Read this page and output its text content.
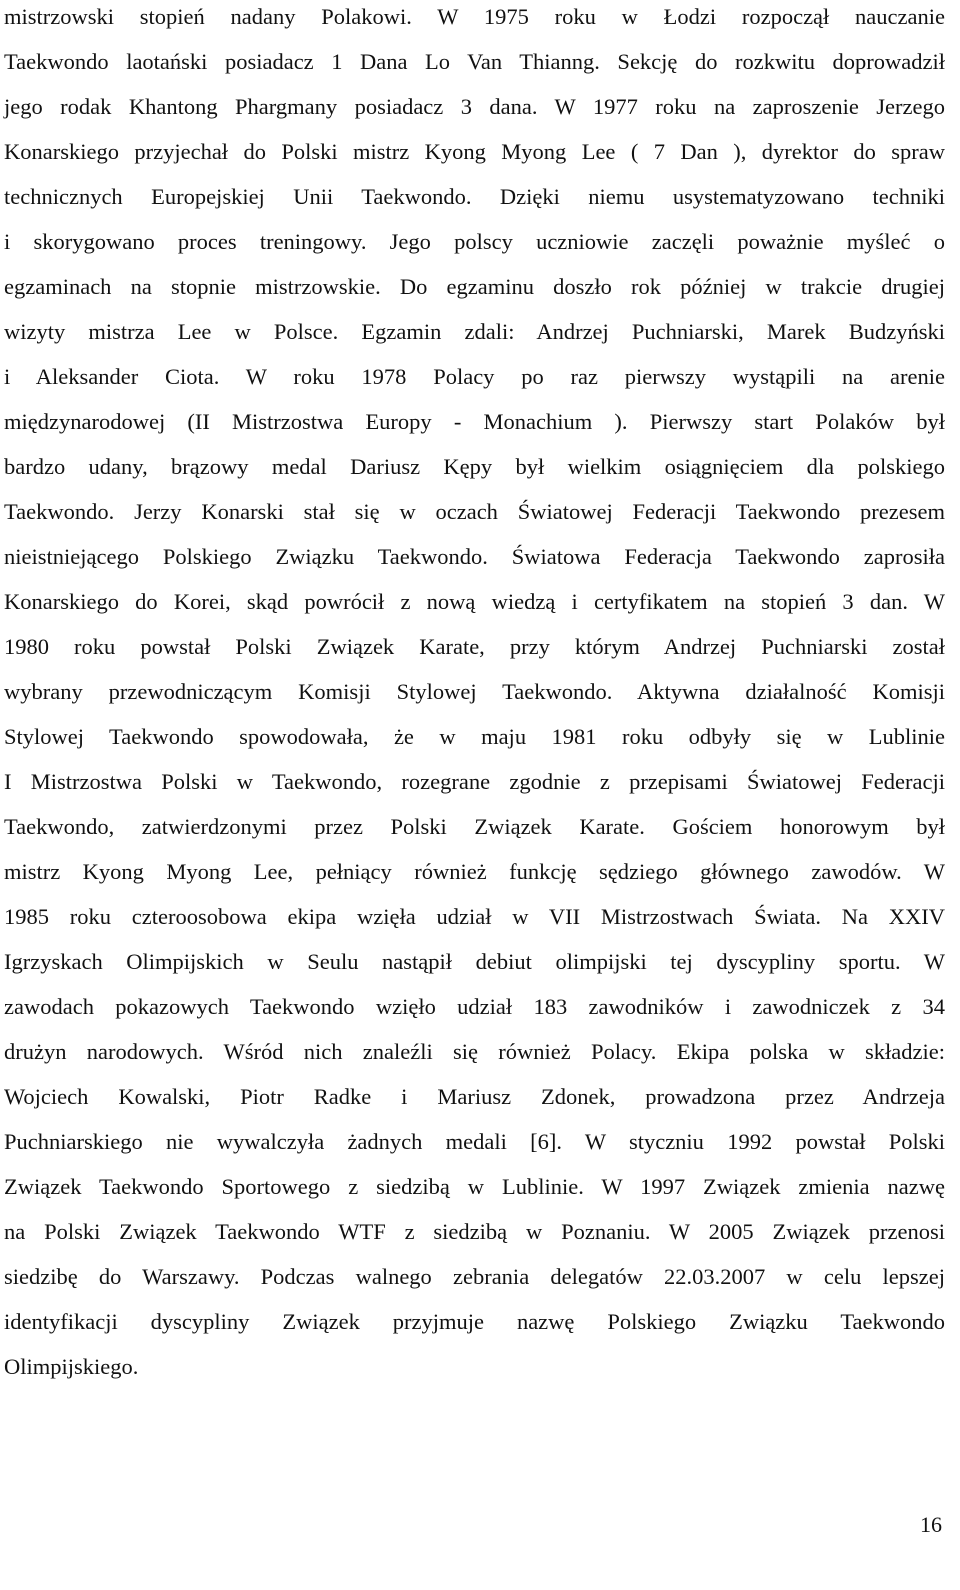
mistrzowski stopień nadany Polakowi. W 1975 roku w Łodzi rozpoczął nauczanie
Taekwondo laotański posiadacz 1 Dana Lo Van Thianng. Sekcję do rozkwitu doprowadził
jego rodak Khantong Phargmany posiadacz 3 dana. W 1977 roku na zaproszenie Jerzego
Konarskiego przyjechał do Polski mistrz Kyong Myong Lee ( 7 Dan ), dyrektor do spraw
technicznych Europejskiej Unii Taekwondo. Dzięki niemu usystematyzowano techniki
i skorygowano proces treningowy. Jego polscy uczniowie zaczęli poważnie myśleć o
egzaminach na stopnie mistrzowskie. Do egzaminu doszło rok później w trakcie drugiej
wizyty mistrza Lee w Polsce. Egzamin zdali: Andrzej Puchniarski, Marek Budzyński
i Aleksander Ciota. W roku 1978 Polacy po raz pierwszy wystąpili na arenie
międzynarodowej (II Mistrzostwa Europy - Monachium ). Pierwszy start Polaków był
bardzo udany, brązowy medal Dariusz Kępy był wielkim osiągnięciem dla polskiego
Taekwondo. Jerzy Konarski stał się w oczach Światowej Federacji Taekwondo prezesem
nieistniejącego Polskiego Związku Taekwondo. Światowa Federacja Taekwondo zaprosiła
Konarskiego do Korei, skąd powrócił z nową wiedzą i certyfikatem na stopień 3 dan. W
1980 roku powstał Polski Związek Karate, przy którym Andrzej Puchniarski został
wybrany przewodniczącym Komisji Stylowej Taekwondo. Aktywna działalność Komisji
Stylowej Taekwondo spowodowała, że w maju 1981 roku odbyły się w Lublinie
I Mistrzostwa Polski w Taekwondo, rozegrane zgodnie z przepisami Światowej Federacji
Taekwondo, zatwierdzonymi przez Polski Związek Karate. Gościem honorowym był
mistrz Kyong Myong Lee, pełniący również funkcję sędziego głównego zawodów. W
1985 roku czteroosobowa ekipa wzięła udział w VII Mistrzostwach Świata. Na XXIV
Igrzyskach Olimpijskich w Seulu nastąpił debiut olimpijski tej dyscypliny sportu. W
zawodach pokazowych Taekwondo wzięło udział 183 zawodników i zawodniczek z 34
drużyn narodowych. Wśród nich znaleźli się również Polacy. Ekipa polska w składzie:
Wojciech Kowalski, Piotr Radke i Mariusz Zdonek, prowadzona przez Andrzeja
Puchniarskiego nie wywalczyła żadnych medali [6]. W styczniu 1992 powstał Polski
Związek Taekwondo Sportowego z siedzibą w Lublinie. W 1997 Związek zmienia nazwę
na Polski Związek Taekwondo WTF z siedzibą w Poznaniu. W 2005 Związek przenosi
siedzibę do Warszawy. Podczas walnego zebrania delegatów 22.03.2007 w celu lepszej
identyfikacji dyscypliny Związek przyjmuje nazwę Polskiego Związku Taekwondo
Olimpijskiego.
16
